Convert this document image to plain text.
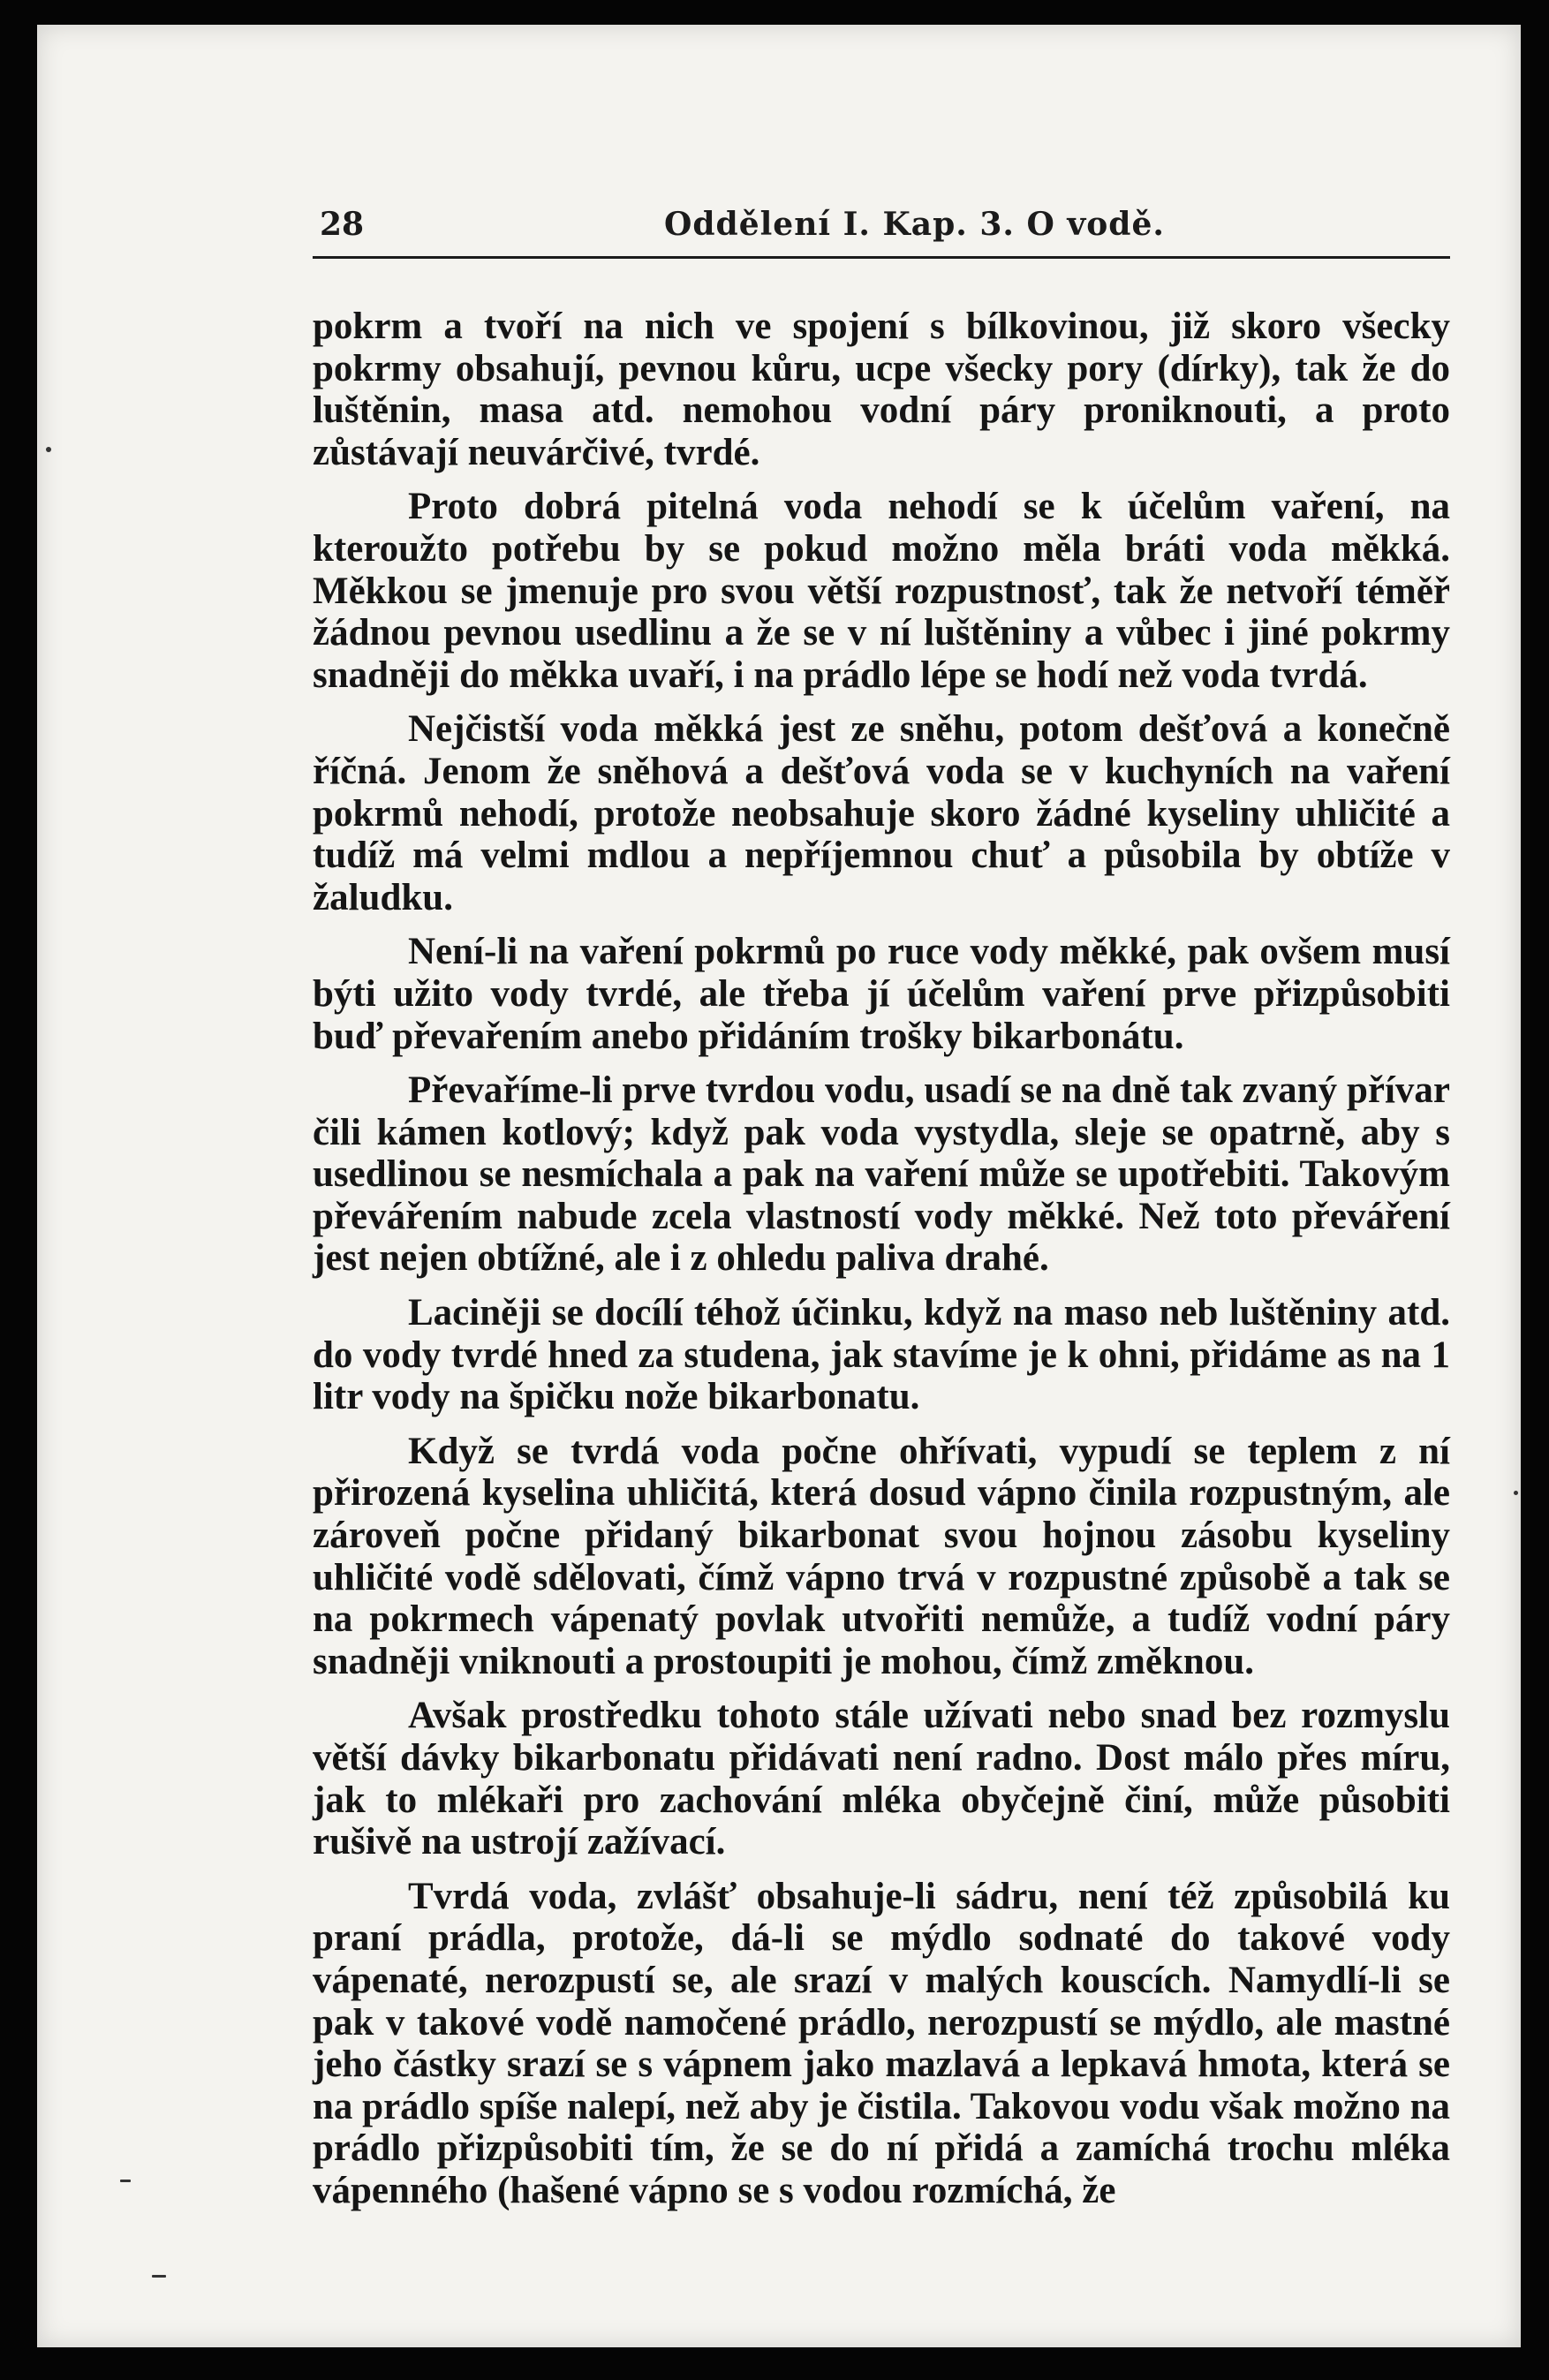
28	Oddělení I. Kap. 3. O vodě.

pokrm a tvoří na nich ve spojení s bílkovinou, již skoro všecky pokrmy obsahují, pevnou kůru, ucpe všecky pory (dírky), tak že do luštěnin, masa atd. nemohou vodní páry proniknouti, a proto zůstávají neuvárčivé, tvrdé.

Proto dobrá pitelná voda nehodí se k účelům vaření, na kteroužto potřebu by se pokud možno měla bráti voda měkká. Měkkou se jmenuje pro svou větší rozpustnosť, tak že netvoří téměř žádnou pevnou usedlinu a že se v ní luštěniny a vůbec i jiné pokrmy snadněji do měkka uvaří, i na prádlo lépe se hodí než voda tvrdá.

Nejčistší voda měkká jest ze sněhu, potom dešťová a konečně říčná. Jenom že sněhová a dešťová voda se v kuchyních na vaření pokrmů nehodí, protože neobsahuje skoro žádné kyseliny uhličité a tudíž má velmi mdlou a nepříjemnou chuť a působila by obtíže v žaludku.

Není-li na vaření pokrmů po ruce vody měkké, pak ovšem musí býti užito vody tvrdé, ale třeba jí účelům vaření prve přizpůsobiti buď převařením anebo přidáním trošky bikarbonátu.

Převaříme-li prve tvrdou vodu, usadí se na dně tak zvaný přívar čili kámen kotlový; když pak voda vystydla, sleje se opatrně, aby s usedlinou se nesmíchala a pak na vaření může se upotřebiti. Takovým převářením nabude zcela vlastností vody měkké. Než toto převáření jest nejen obtížné, ale i z ohledu paliva drahé.

Laciněji se docílí téhož účinku, když na maso neb luštěniny atd. do vody tvrdé hned za studena, jak stavíme je k ohni, přidáme as na 1 litr vody na špičku nože bikarbonatu.

Když se tvrdá voda počne ohřívati, vypudí se teplem z ní přirozená kyselina uhličitá, která dosud vápno činila rozpustným, ale zároveň počne přidaný bikarbonat svou hojnou zásobu kyseliny uhličité vodě sdělovati, čímž vápno trvá v rozpustné způsobě a tak se na pokrmech vápenatý povlak utvořiti nemůže, a tudíž vodní páry snadněji vniknouti a prostoupiti je mohou, čímž změknou.

Avšak prostředku tohoto stále užívati nebo snad bez rozmyslu větší dávky bikarbonatu přidávati není radno. Dost málo přes míru, jak to mlékaři pro zachování mléka obyčejně činí, může působiti rušivě na ustrojí zažívací.

Tvrdá voda, zvlášť obsahuje-li sádru, není též způsobilá ku praní prádla, protože, dá-li se mýdlo sodnaté do takové vody vápenaté, nerozpustí se, ale srazí v malých kouscích. Namydlí-li se pak v takové vodě namočené prádlo, nerozpustí se mýdlo, ale mastné jeho částky srazí se s vápnem jako mazlavá a lepkavá hmota, která se na prádlo spíše nalepí, než aby je čistila. Takovou vodu však možno na prádlo přizpůsobiti tím, že se do ní přidá a zamíchá trochu mléka vápenného (hašené vápno se s vodou rozmíchá, že
